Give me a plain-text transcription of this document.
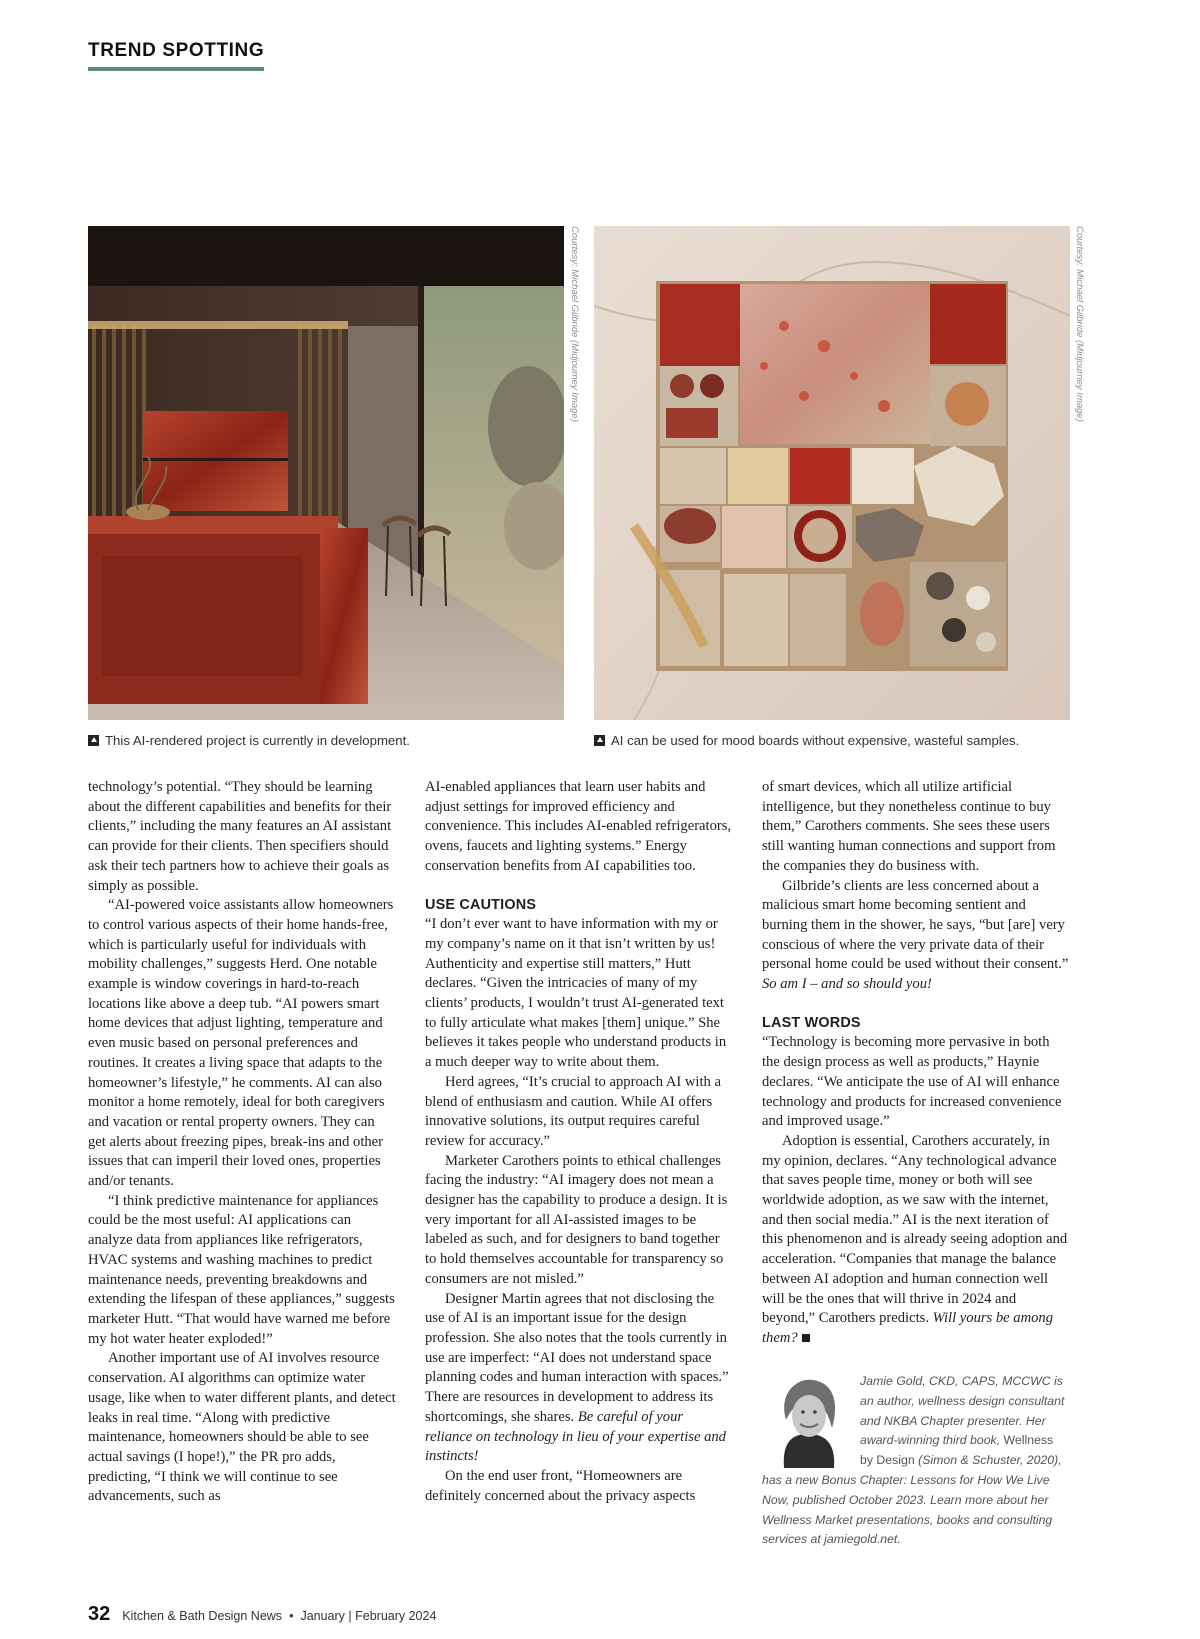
TREND SPOTTING
Courtesy: Michael Gilbride (Midjourney Image)	Courtesy: Michael Gilbride (Midjourney Image)
This AI-rendered project is currently in development.	AI can be used for mood boards without expensive, wasteful samples.

technology’s potential. “They should be learning about the different capabilities and benefits for their clients,” including the many features an AI assistant can provide for their clients. Then specifiers should ask their tech partners how to achieve their goals as simply as possible.

“AI-powered voice assistants allow homeowners to control various aspects of their home hands-free, which is particularly useful for individuals with mobility challenges,” suggests Herd. One notable example is window coverings in hard-to-reach locations like above a deep tub. “AI powers smart home devices that adjust lighting, temperature and even music based on personal preferences and routines. It creates a living space that adapts to the homeowner’s lifestyle,” he comments. AI can also monitor a home remotely, ideal for both caregivers and vacation or rental property owners. They can get alerts about freezing pipes, break-ins and other issues that can imperil their loved ones, properties and/or tenants.

“I think predictive maintenance for appliances could be the most useful: AI applications can analyze data from appliances like refrigerators, HVAC systems and washing machines to predict maintenance needs, preventing breakdowns and extending the lifespan of these appliances,” suggests marketer Hutt. “That would have warned me before my hot water heater exploded!”

Another important use of AI involves resource conservation. AI algorithms can optimize water usage, like when to water different plants, and detect leaks in real time. “Along with predictive maintenance, homeowners should be able to see actual savings (I hope!),” the PR pro adds, predicting, “I think we will continue to see advancements, such as

AI-enabled appliances that learn user habits and adjust settings for improved efficiency and convenience. This includes AI-enabled refrigerators, ovens, faucets and lighting systems.” Energy conservation benefits from AI capabilities too.

USE CAUTIONS

“I don’t ever want to have information with my or my company’s name on it that isn’t written by us! Authenticity and expertise still matters,” Hutt declares. “Given the intricacies of many of my clients’ products, I wouldn’t trust AI-generated text to fully articulate what makes [them] unique.” She believes it takes people who understand products in a much deeper way to write about them.

Herd agrees, “It’s crucial to approach AI with a blend of enthusiasm and caution. While AI offers innovative solutions, its output requires careful review for accuracy.”

Marketer Carothers points to ethical challenges facing the industry: “AI imagery does not mean a designer has the capability to produce a design. It is very important for all AI-assisted images to be labeled as such, and for designers to band together to hold themselves accountable for transparency so consumers are not misled.”

Designer Martin agrees that not disclosing the use of AI is an important issue for the design profession. She also notes that the tools currently in use are imperfect: “AI does not understand space planning codes and human interaction with spaces.” There are resources in development to address its shortcomings, she shares. Be careful of your reliance on technology in lieu of your expertise and instincts!

On the end user front, “Homeowners are definitely concerned about the privacy aspects

of smart devices, which all utilize artificial intelligence, but they nonetheless continue to buy them,” Carothers comments. She sees these users still wanting human connections and support from the companies they do business with.

Gilbride’s clients are less concerned about a malicious smart home becoming sentient and burning them in the shower, he says, “but [are] very conscious of where the very private data of their personal home could be used without their consent.” So am I – and so should you!

LAST WORDS

“Technology is becoming more pervasive in both the design process as well as products,” Haynie declares. “We anticipate the use of AI will enhance technology and products for increased convenience and improved usage.”

Adoption is essential, Carothers accurately, in my opinion, declares. “Any technological advance that saves people time, money or both will see worldwide adoption, as we saw with the internet, and then social media.” AI is the next iteration of this phenomenon and is already seeing adoption and acceleration. “Companies that manage the balance between AI adoption and human connection well will be the ones that will thrive in 2024 and beyond,” Carothers predicts. Will yours be among them?

Jamie Gold, CKD, CAPS, MCCWC is an author, wellness design consultant and NKBA Chapter presenter. Her award-winning third book, Wellness by Design (Simon & Schuster, 2020), has a new Bonus Chapter: Lessons for How We Live Now, published October 2023. Learn more about her Wellness Market presentations, books and consulting services at jamiegold.net.
32 Kitchen & Bath Design News • January | February 2024
